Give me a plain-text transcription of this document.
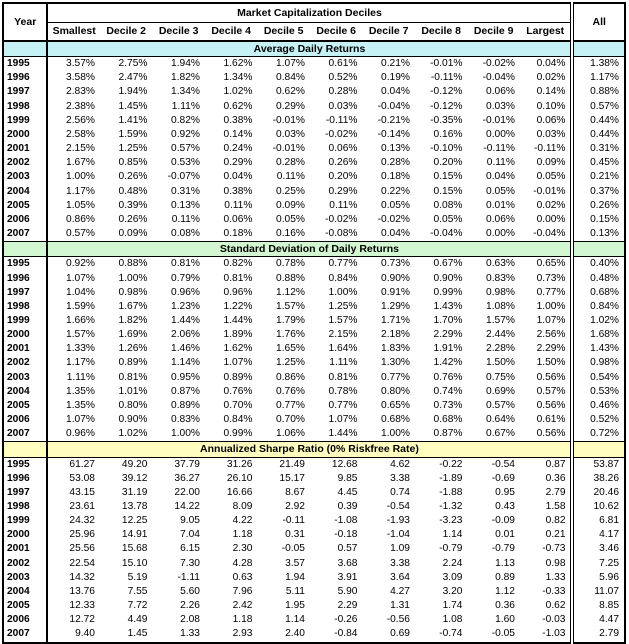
Year	Market Capitalization Deciles										All
	Smallest	Decile 2	Decile 3	Decile 4	Decile 5	Decile 6	Decile 7	Decile 8	Decile 9	Largest	
	Average Daily Returns										
1995	3.57%	2.75%	1.94%	1.62%	1.07%	0.61%	0.21%	-0.01%	-0.02%	0.04%	1.38%
1996	3.58%	2.47%	1.82%	1.34%	0.84%	0.52%	0.19%	-0.11%	-0.04%	0.02%	1.17%
1997	2.83%	1.94%	1.34%	1.02%	0.62%	0.28%	0.04%	-0.12%	0.06%	0.14%	0.88%
1998	2.38%	1.45%	1.11%	0.62%	0.29%	0.03%	-0.04%	-0.12%	0.03%	0.10%	0.57%
1999	2.56%	1.41%	0.82%	0.38%	-0.01%	-0.11%	-0.21%	-0.35%	-0.01%	0.06%	0.44%
2000	2.58%	1.59%	0.92%	0.14%	0.03%	-0.02%	-0.14%	0.16%	0.00%	0.03%	0.44%
2001	2.15%	1.25%	0.57%	0.24%	-0.01%	0.06%	0.13%	-0.10%	-0.11%	-0.11%	0.31%
2002	1.67%	0.85%	0.53%	0.29%	0.28%	0.26%	0.28%	0.20%	0.11%	0.09%	0.45%
2003	1.00%	0.26%	-0.07%	0.04%	0.11%	0.20%	0.18%	0.15%	0.04%	0.05%	0.21%
2004	1.17%	0.48%	0.31%	0.38%	0.25%	0.29%	0.22%	0.15%	0.05%	-0.01%	0.37%
2005	1.05%	0.39%	0.13%	0.11%	0.09%	0.11%	0.05%	0.08%	0.01%	0.02%	0.26%
2006	0.86%	0.26%	0.11%	0.06%	0.05%	-0.02%	-0.02%	0.05%	0.06%	0.00%	0.15%
2007	0.57%	0.09%	0.08%	0.18%	0.16%	-0.08%	0.04%	-0.04%	0.00%	-0.04%	0.13%
	Standard Deviation of Daily Returns										
1995	0.92%	0.88%	0.81%	0.82%	0.78%	0.77%	0.73%	0.67%	0.63%	0.65%	0.40%
1996	1.07%	1.00%	0.79%	0.81%	0.88%	0.84%	0.90%	0.90%	0.83%	0.73%	0.48%
1997	1.04%	0.98%	0.96%	0.96%	1.12%	1.00%	0.91%	0.99%	0.98%	0.77%	0.68%
1998	1.59%	1.67%	1.23%	1.22%	1.57%	1.25%	1.29%	1.43%	1.08%	1.00%	0.84%
1999	1.66%	1.82%	1.44%	1.44%	1.79%	1.57%	1.71%	1.70%	1.57%	1.07%	1.02%
2000	1.57%	1.69%	2.06%	1.89%	1.76%	2.15%	2.18%	2.29%	2.44%	2.56%	1.68%
2001	1.33%	1.26%	1.46%	1.62%	1.65%	1.64%	1.83%	1.91%	2.28%	2.29%	1.43%
2002	1.17%	0.89%	1.14%	1.07%	1.25%	1.11%	1.30%	1.42%	1.50%	1.50%	0.98%
2003	1.11%	0.81%	0.95%	0.89%	0.86%	0.81%	0.77%	0.76%	0.75%	0.56%	0.54%
2004	1.35%	1.01%	0.87%	0.76%	0.76%	0.78%	0.80%	0.74%	0.69%	0.57%	0.53%
2005	1.35%	0.80%	0.89%	0.70%	0.77%	0.77%	0.65%	0.73%	0.57%	0.56%	0.46%
2006	1.07%	0.90%	0.83%	0.84%	0.70%	1.07%	0.68%	0.68%	0.64%	0.61%	0.52%
2007	0.96%	1.02%	1.00%	0.99%	1.06%	1.44%	1.00%	0.87%	0.67%	0.56%	0.72%
	Annualized Sharpe Ratio (0% Riskfree Rate)										
1995	61.27	49.20	37.79	31.26	21.49	12.68	4.62	-0.22	-0.54	0.87	53.87
1996	53.08	39.12	36.27	26.10	15.17	9.85	3.38	-1.89	-0.69	0.36	38.26
1997	43.15	31.19	22.00	16.66	8.67	4.45	0.74	-1.88	0.95	2.79	20.46
1998	23.61	13.78	14.22	8.09	2.92	0.39	-0.54	-1.32	0.43	1.58	10.62
1999	24.32	12.25	9.05	4.22	-0.11	-1.08	-1.93	-3.23	-0.09	0.82	6.81
2000	25.96	14.91	7.04	1.18	0.31	-0.18	-1.04	1.14	0.01	0.21	4.17
2001	25.56	15.68	6.15	2.30	-0.05	0.57	1.09	-0.79	-0.79	-0.73	3.46
2002	22.54	15.10	7.30	4.28	3.57	3.68	3.38	2.24	1.13	0.98	7.25
2003	14.32	5.19	-1.11	0.63	1.94	3.91	3.64	3.09	0.89	1.33	5.96
2004	13.76	7.55	5.60	7.96	5.11	5.90	4.27	3.20	1.12	-0.33	11.07
2005	12.33	7.72	2.26	2.42	1.95	2.29	1.31	1.74	0.36	0.62	8.85
2006	12.72	4.49	2.08	1.18	1.14	-0.26	-0.56	1.08	1.60	-0.03	4.47
2007	9.40	1.45	1.33	2.93	2.40	-0.84	0.69	-0.74	-0.05	-1.03	2.79
